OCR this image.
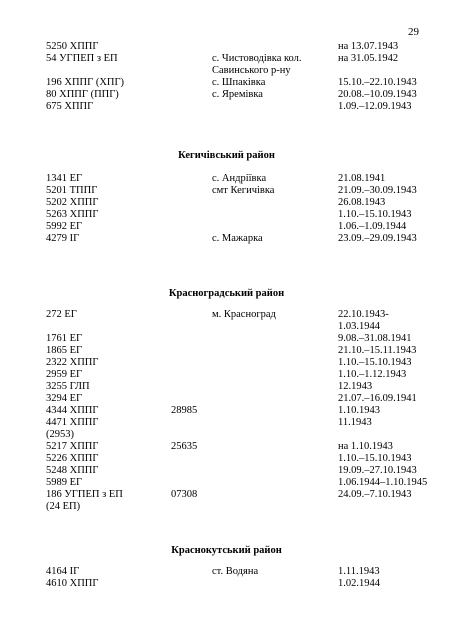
29
5250 ХППГ	на 13.07.1943
54 УГПЕП з ЕП	с. Чистоводівка кол.	на 31.05.1942
Савинського р-ну
196 ХППГ (ХПГ)	с. Шпаківка	15.10.–22.10.1943
80 ХППГ (ППГ)	с. Яремівка	20.08.–10.09.1943
675 ХППГ	1.09.–12.09.1943
Кегичівський район
1341 ЕГ	с. Андріївка	21.08.1941
5201 ТППГ	смт Кегичівка	21.09.–30.09.1943
5202 ХППГ	26.08.1943
5263 ХППГ	1.10.–15.10.1943
5992 ЕГ	1.06.–1.09.1944
4279 ІГ	с. Мажарка	23.09.–29.09.1943
Красноградський район
272 ЕГ	м. Красноград	22.10.1943-
1.03.1944
1761 ЕГ	9.08.–31.08.1941
1865 ЕГ	21.10.–15.11.1943
2322 ХППГ	1.10.–15.10.1943
2959 ЕГ	1.10.–1.12.1943
3255 ГЛП	12.1943
3294 ЕГ	21.07.–16.09.1941
4344 ХППГ	28985	1.10.1943
4471 ХППГ	11.1943
(2953)
5217 ХППГ	25635	на 1.10.1943
5226 ХППГ	1.10.–15.10.1943
5248 ХППГ	19.09.–27.10.1943
5989 ЕГ	1.06.1944–1.10.1945
186 УГПЕП з ЕП	07308	24.09.–7.10.1943
(24 ЕП)
Краснокутський район
4164 ІГ	ст. Водяна	1.11.1943
4610 ХППГ	1.02.1944
